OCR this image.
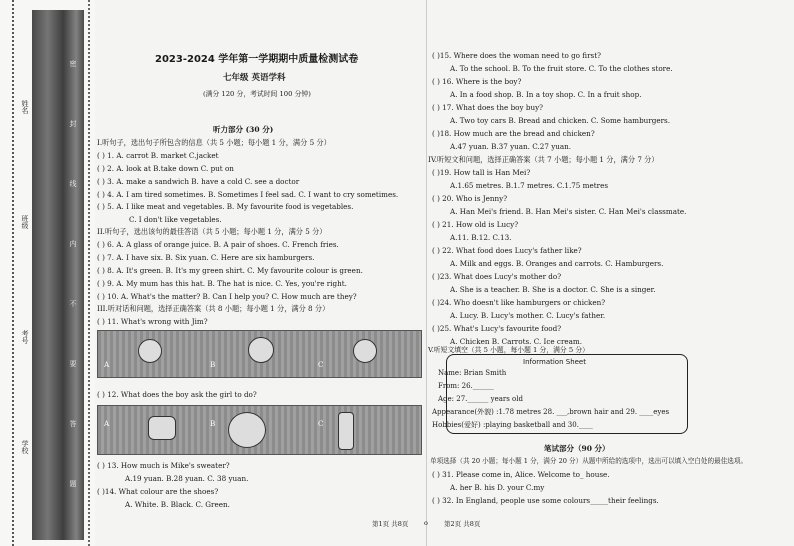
姓名
班级
考号
学校
密
封
线
内
不
要
答
题
2023-2024 学年第一学期期中质量检测试卷
七年级 英语学科
(满分 120 分，考试时间 100 分钟)
听力部分 (30 分)
I.听句子，选出句子所包含的信息（共 5 小题；每小题 1 分，满分 5 分）
( ) 1. A. carrot B. market C.jacket
( ) 2. A. look at B.take down C. put on
( ) 3. A. make a sandwich B. have a cold C. see a doctor
( ) 4. A. I am tired sometimes. B. Sometimes I feel sad. C. I want to cry sometimes.
( ) 5. A. I like meat and vegetables. B. My favourite food is vegetables.
C. I don't like vegetables.
II.听句子，选出该句的最佳答语（共 5 小题；每小题 1 分，满分 5 分）
( ) 6. A. A glass of orange juice. B. A pair of shoes. C. French fries.
( ) 7. A. I have six. B. Six yuan. C. Here are six hamburgers.
( ) 8. A. It's green. B. It's my green shirt. C. My favourite colour is green.
( ) 9. A. My mum has this hat. B. The hat is nice. C. Yes, you're right.
( ) 10. A. What's the matter? B. Can I help you? C. How much are they?
III.听对话和问题，选择正确答案（共 8 小题；每小题 1 分，满分 8 分）
( ) 11. What's wrong with Jim?
A	B	C
( ) 12. What does the boy ask the girl to do?
A	B	C
( ) 13. How much is Mike's sweater?
A.19 yuan. B.28 yuan. C. 38 yuan.
( )14. What colour are the shoes?
A. White. B. Black. C. Green.
( )15. Where does the woman need to go first?
A. To the school. B. To the fruit store. C. To the clothes store.
( ) 16. Where is the boy?
A. In a food shop. B. In a toy shop. C. In a fruit shop.
( ) 17. What does the boy buy?
A. Two toy cars B. Bread and chicken. C. Some hamburgers.
( )18. How much are the bread and chicken?
A.47 yuan. B.37 yuan. C.27 yuan.
IV.听短文和问题，选择正确答案（共 7 小题；每小题 1 分，满分 7 分）
( )19. How tall is Han Mei?
A.1.65 metres. B.1.7 metres. C.1.75 metres
( ) 20. Who is Jenny?
A. Han Mei's friend. B. Han Mei's sister. C. Han Mei's classmate.
( ) 21. How old is Lucy?
A.11. B.12. C.13.
( ) 22. What food does Lucy's father like?
A. Milk and eggs. B. Oranges and carrots. C. Hamburgers.
( )23. What does Lucy's mother do?
A. She is a teacher. B. She is a doctor. C. She is a singer.
( )24. Who doesn't like hamburgers or chicken?
A. Lucy. B. Lucy's mother. C. Lucy's father.
( )25. What's Lucy's favourite food?
A. Chicken B. Carrots. C. Ice cream.
V.听短文填空（共 5 小题，每小题 1 分，满分 5 分）
Information Sheet
Name: Brian Smith
From: 26.______
Age: 27.______ years old
Appearance(外貌) :1.78 metres 28. ___,brown hair and 29. ____eyes
Hobbies(爱好) :playing basketball and 30.____
笔试部分（90 分）
单项选择（共 20 小题；每小题 1 分，满分 20 分）从题中所给的选项中，选出可以填入空白处的最佳选项。
( ) 31. Please come in, Alice. Welcome to_ house.
A. her B. his D. your C.my
( ) 32. In England, people use some colours_____their feelings.
第1页 共8页 o 第2页 共8页
